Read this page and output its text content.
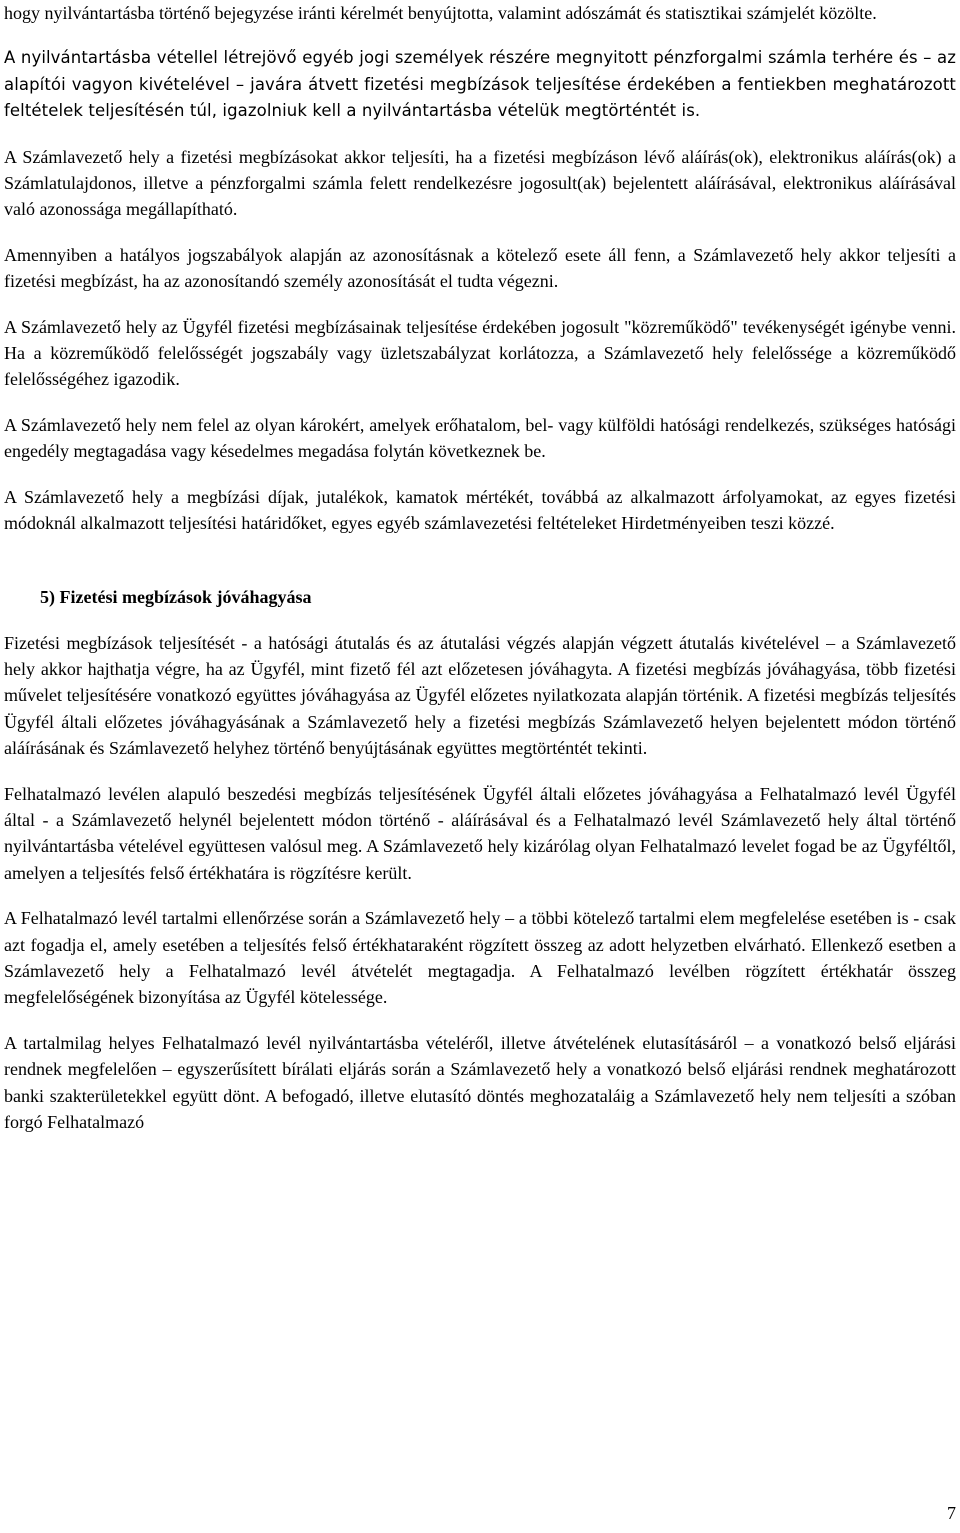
hogy nyilvántartásba történő bejegyzése iránti kérelmét benyújtotta, valamint adószámát és statisztikai számjelét közölte.

A nyilvántartásba vétellel létrejövő egyéb jogi személyek részére megnyitott pénzforgalmi számla terhére és – az alapítói vagyon kivételével – javára átvett fizetési megbízások teljesítése érdekében a fentiekben meghatározott feltételek teljesítésén túl, igazolniuk kell a nyilvántartásba vételük megtörténtét is.

A Számlavezető hely a fizetési megbízásokat akkor teljesíti, ha a fizetési megbízáson lévő aláírás(ok), elektronikus aláírás(ok) a Számlatulajdonos, illetve a pénzforgalmi számla felett rendelkezésre jogosult(ak) bejelentett aláírásával, elektronikus aláírásával való azonossága megállapítható.

Amennyiben a hatályos jogszabályok alapján az azonosításnak a kötelező esete áll fenn, a Számlavezető hely akkor teljesíti a fizetési megbízást, ha az azonosítandó személy azonosítását el tudta végezni.

A Számlavezető hely az Ügyfél fizetési megbízásainak teljesítése érdekében jogosult "közreműködő" tevékenységét igénybe venni. Ha a közreműködő felelősségét jogszabály vagy üzletszabályzat korlátozza, a Számlavezető hely felelőssége a közreműködő felelősségéhez igazodik.

A Számlavezető hely nem felel az olyan károkért, amelyek erőhatalom, bel- vagy külföldi hatósági rendelkezés, szükséges hatósági engedély megtagadása vagy késedelmes megadása folytán következnek be.

A Számlavezető hely a megbízási díjak, jutalékok, kamatok mértékét, továbbá az alkalmazott árfolyamokat, az egyes fizetési módoknál alkalmazott teljesítési határidőket, egyes egyéb számlavezetési feltételeket Hirdetményeiben teszi közzé.

5) Fizetési megbízások jóváhagyása

Fizetési megbízások teljesítését - a hatósági átutalás és az átutalási végzés alapján végzett átutalás kivételével – a Számlavezető hely akkor hajthatja végre, ha az Ügyfél, mint fizető fél azt előzetesen jóváhagyta. A fizetési megbízás jóváhagyása, több fizetési művelet teljesítésére vonatkozó együttes jóváhagyása az Ügyfél előzetes nyilatkozata alapján történik. A fizetési megbízás teljesítés Ügyfél általi előzetes jóváhagyásának a Számlavezető hely a fizetési megbízás Számlavezető helyen bejelentett módon történő aláírásának és Számlavezető helyhez történő benyújtásának együttes megtörténtét tekinti.

Felhatalmazó levélen alapuló beszedési megbízás teljesítésének Ügyfél általi előzetes jóváhagyása a Felhatalmazó levél Ügyfél által - a Számlavezető helynél bejelentett módon történő - aláírásával és a Felhatalmazó levél Számlavezető hely által történő nyilvántartásba vételével együttesen valósul meg. A Számlavezető hely kizárólag olyan Felhatalmazó levelet fogad be az Ügyféltől, amelyen a teljesítés felső értékhatára is rögzítésre került.

A Felhatalmazó levél tartalmi ellenőrzése során a Számlavezető hely – a többi kötelező tartalmi elem megfelelése esetében is - csak azt fogadja el, amely esetében a teljesítés felső értékhataraként rögzített összeg az adott helyzetben elvárható. Ellenkező esetben a Számlavezető hely a Felhatalmazó levél átvételét megtagadja. A Felhatalmazó levélben rögzített értékhatár összeg megfelelőségének bizonyítása az Ügyfél kötelessége.

A tartalmilag helyes Felhatalmazó levél nyilvántartásba vételéről, illetve átvételének elutasításáról – a vonatkozó belső eljárási rendnek megfelelően – egyszerűsített bírálati eljárás során a Számlavezető hely a vonatkozó belső eljárási rendnek meghatározott banki szakterületekkel együtt dönt. A befogadó, illetve elutasító döntés meghozataláig a Számlavezető hely nem teljesíti a szóban forgó Felhatalmazó

7
